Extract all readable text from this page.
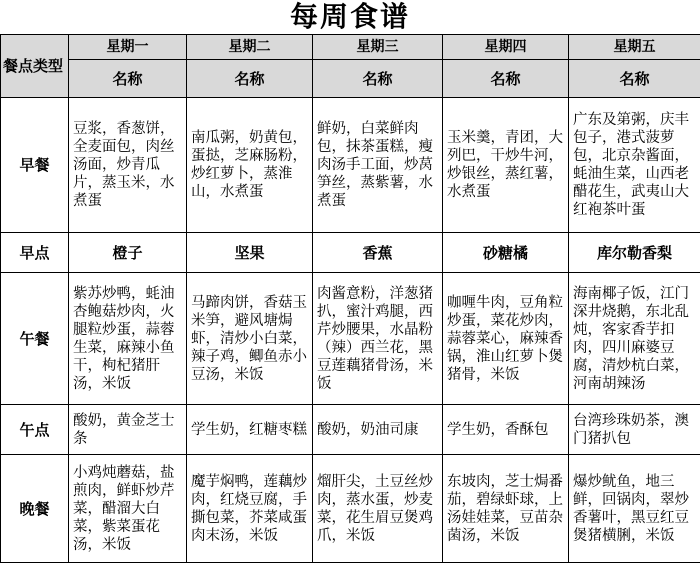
每周食谱
餐点类型	星期一	星期二	星期三	星期四	星期五
	名称	名称	名称	名称	名称
早餐	豆浆，香葱饼，全麦面包，肉丝汤面，炒青瓜片，蒸玉米，水煮蛋	南瓜粥，奶黄包，蛋挞，芝麻肠粉，炒红萝卜，蒸淮山，水煮蛋	鲜奶，白菜鲜肉包，抹茶蛋糕，瘦肉汤手工面，炒莴笋丝，蒸紫薯，水煮蛋	玉米羹，青团，大列巴，干炒牛河，炒银丝，蒸红薯，水煮蛋	广东及第粥，庆丰包子，港式菠萝包，北京杂酱面，蚝油生菜，山西老醋花生，武夷山大红袍茶叶蛋
早点	橙子	坚果	香蕉	砂糖橘	库尔勒香梨
午餐	紫苏炒鸭，蚝油杏鲍菇炒肉，火腿粒炒蛋，蒜蓉生菜，麻辣小鱼干，枸杞猪肝汤，米饭	马蹄肉饼，香菇玉米笋，避风塘焗虾，清炒小白菜，辣子鸡，鲫鱼赤小豆汤，米饭	肉酱意粉，洋葱猪扒，蜜汁鸡腿，西芹炒腰果，水晶粉（辣）西兰花，黑豆莲藕猪骨汤，米饭	咖喱牛肉，豆角粒炒蛋，菜花炒肉，蒜蓉菜心，麻辣香锅，淮山红萝卜煲猪骨，米饭	海南椰子饭，江门深井烧鹅，东北乱炖，客家香芋扣肉，四川麻婆豆腐，清炒杭白菜，河南胡辣汤
午点	酸奶，黄金芝士条	学生奶，红糖枣糕	酸奶，奶油司康	学生奶，香酥包	台湾珍珠奶茶，澳门猪扒包
晚餐	小鸡炖蘑菇，盐煎肉，鲜虾炒芹菜，醋溜大白菜，紫菜蛋花汤，米饭	魔芋焖鸭，莲藕炒肉，红烧豆腐，手撕包菜，芥菜咸蛋肉末汤，米饭	熘肝尖，土豆丝炒肉，蒸水蛋，炒麦菜，花生眉豆煲鸡爪，米饭	东坡肉，芝士焗番茄，碧绿虾球，上汤娃娃菜，豆苗杂菌汤，米饭	爆炒鱿鱼，地三鲜，回锅肉，翠炒香薯叶，黑豆红豆煲猪横脷，米饭
